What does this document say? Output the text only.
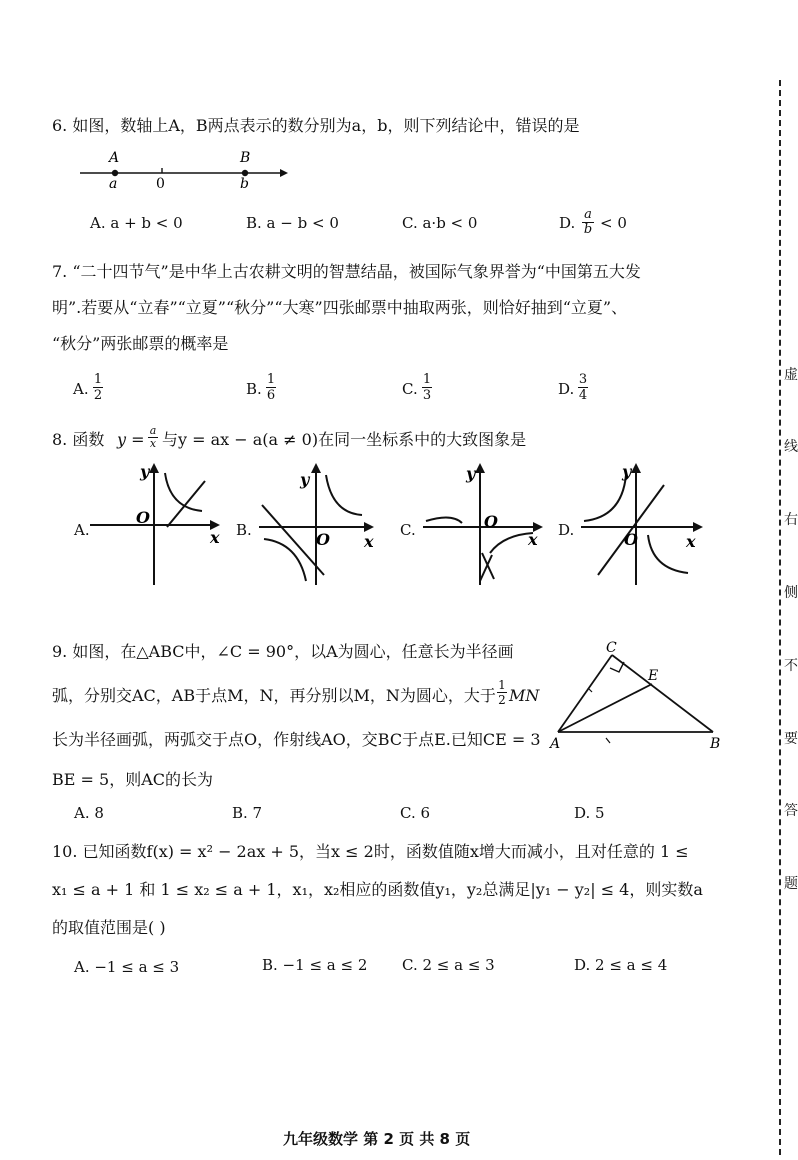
虚
线
右
侧
不
要
答
题
6. 如图，数轴上A，B两点表示的数分别为a，b，则下列结论中，错误的是
A
a	0
B
b
A. a + b < 0	B. a − b < 0	C. a·b < 0	D. $\frac{a}{b} < 0$
7. “二十四节气”是中华上古农耕文明的智慧结晶，被国际气象界誉为“中国第五大发
明”.若要从“立春”“立夏”“秋分”“大寒”四张邮票中抽取两张，则恰好抽到“立夏”、
“秋分”两张邮票的概率是
A. $\frac{1}{2}$	B. $\frac{1}{6}$	C. $\frac{1}{3}$	D. $\frac{3}{4}$
8. 函数 $y = \frac{a}{x}$ 与y = ax − a(a ≠ 0)在同一坐标系中的大致图象是
A.
y
x
O
B.
y
x
O	C.
y
x
O	D.
y
x
O
9. 如图，在△ABC中，∠C = 90°，以A为圆心，任意长为半径画
弧，分别交AC，AB于点M，N，再分别以M，N为圆心，大于 $\frac{1}{2}$ MN
长为半径画弧，两弧交于点O，作射线AO，交BC于点E.已知CE = 3
BE = 5，则AC的长为
C
E
A	B
A. 8	B. 7	C. 6	D. 5
10. 已知函数f(x) = x² − 2ax + 5，当x ≤ 2时，函数值随x增大而减小，且对任意的 1 ≤
x₁ ≤ a + 1 和 1 ≤ x₂ ≤ a + 1，x₁，x₂相应的函数值y₁，y₂总满足|y₁ − y₂| ≤ 4，则实数a
的取值范围是( )
A. −1 ≤ a ≤ 3	B. −1 ≤ a ≤ 2 C. 2 ≤ a ≤ 3	D. 2 ≤ a ≤ 4
九年级数学 第 2 页 共 8 页
